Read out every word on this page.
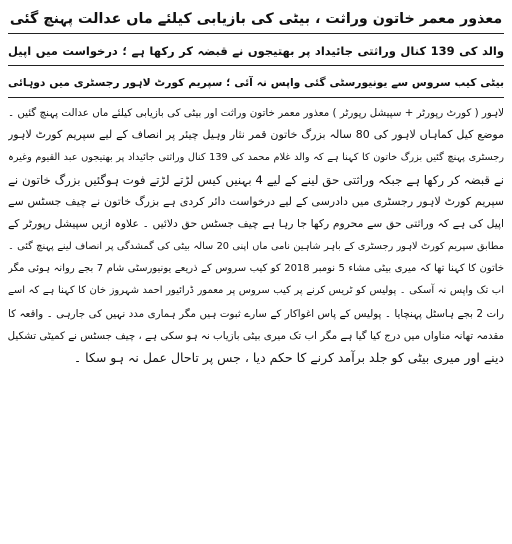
معذور معمر خاتون وراثت ، بیٹی کی بازیابی کیلئے ماں عدالت پہنچ گئی
والد کی 139 کنال وراثتی جائیداد پر بھتیجوں نے قبضہ کر رکھا ہے ؛ درخواست میں اپیل
بیٹی کیب سروس سے یونیورسٹی گئی واپس نہ آئی ؛ سپریم کورٹ لاہور رجسٹری میں دوہائی
لاہور ( کورٹ رپورٹر + سپیشل رپورٹر ) معذور معمر خاتون وراثت اور بیٹی کی بازیابی کیلئے ماں عدالت پہنچ گئیں ۔
موضع کیل کماہاں لاہور کی 80 سالہ بزرگ خاتون قمر نثار وہیل چیئر پر انصاف کے لیے سپریم کورٹ لاہور
رجسٹری پہنچ گئیں بزرگ خاتون کا کہنا ہے کہ والد غلام محمد کی 139 کنال وراثتی جائیداد پر بھتیجوں عبد القیوم وغیرہ
نے قبضہ کر رکھا ہے جبکہ وراثتی حق لینے کے لیے 4 بہنیں کیس لڑتے لڑتے فوت ہوگئیں بزرگ خاتون نے
سپریم کورٹ لاہور رجسٹری میں دادرسی کے لیے درخواست دائر کردی ہے بزرگ خاتون نے چیف جسٹس سے
اپیل کی ہے کہ وراثتی حق سے محروم رکھا جا رہا ہے چیف جسٹس حق دلائیں ۔ علاوہ ازیں سپیشل رپورٹر کے
مطابق سپریم کورٹ لاہور رجسٹری کے باہر شاہین نامی ماں اپنی 20 سالہ بیٹی کی گمشدگی پر انصاف لینے پہنچ گئی ۔
خاتون کا کہنا تھا کہ میری بیٹی مشاء 5 نومبر 2018 کو کیب سروس کے ذریعے یونیورسٹی شام 7 بجے روانہ ہوئی مگر
اب تک واپس نہ آسکی ۔ پولیس کو ٹریس کرنے پر کیب سروس پر معمور ڈرائیور احمد شہروز خان کا کہنا ہے کہ اسے
رات 2 بجے ہاسٹل پہنچایا ۔ پولیس کے پاس اغواکار کے سارے ثبوت ہیں مگر ہماری مدد نہیں کی جارہی ۔ واقعہ کا
مقدمہ تھانہ مناواں میں درج کیا گیا ہے مگر اب تک میری بیٹی بازیاب نہ ہو سکی ہے ، چیف جسٹس نے کمیٹی تشکیل
دینے اور میری بیٹی کو جلد برآمد کرنے کا حکم دیا ، جس پر تاحال عمل نہ ہو سکا ۔
